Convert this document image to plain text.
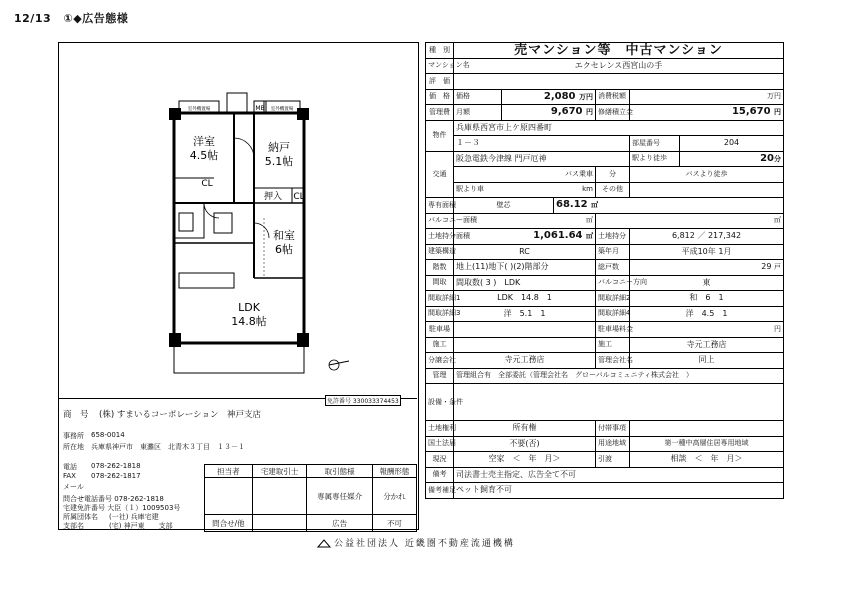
12/13 ①◆広告態様
洋室
4.5帖
納戸
5.1帖
和室
6帖
LDK
14.8帖
CL
押入 CL
MB
室外機置場	室外機置場
免許番号 330033374453
商　号 (株) すまいるコーポレーション　神戸支店
事務所 658-0014
所在地 兵庫県神戸市　東灘区　北青木３丁目　１３－１
電話 078-262-1818
FAX 078-262-1817
メール
問合せ電話番号 078-262-1818
宅建免許番号 大臣（１）1009503号
所属団体名 (一社) 兵庫宅建
支部名	(宅) 神戸東　　支部
担当者	宅建取引士	取引態様	報酬形態
		専属専任媒介	分かれ
問合せ/他		広告	不可
種　別	売マンション等　中古マンション					
マンション名	エクセレンス西宮山の手					
評　価						
価　格	価格	2,080 万円		消費税額	万円	
管理費	月額	9,670 円		修繕積立金	15,670 円	
物件	兵庫県西宮市上ケ原四番町					
	１－３				部屋番号	204
交通	阪急電鉄今津線 門戸厄神				駅より徒歩	20分
	バス乗車			分	バスより徒歩	
	駅より車 km			その他		
専有面積	壁芯		68.12 ㎡			
バルコニー面積	㎡			㎡		
土地持分面積	1,061.64 ㎡			土地持分	6,812 ／ 217,342	
建築構造	RC			築年月	平成10年 1月	
階数	地上(11)地下( )(2)階部分			総戸数	29 戸	
間取	間取数( 3 )　LDK			バルコニー方向	東	
間取詳細1	LDK　14.8　1			間取詳細2	和　6　1	
間取詳細3	洋　5.1　1			間取詳細4	洋　4.5　1	
駐車場				駐車場料金	円	
施工				施工	寺元工務店	
分譲会社	寺元工務店			管理会社名	同上	
管理	管理組合有　全部委託（管理会社名　グローバルコミュニティ株式会社　）					
設備・条件						
土地権利	所有権			付帯事項		
国土法届	不要(否)			用途地域	第一種中高層住居専用地域	
現況	空家　＜　年　月＞			引渡	相談　＜　年　月＞	
備考	司法書士売主指定、広告全て不可					
備考補足	ペット飼育不可					
公益社団法人 近畿圏不動産流通機構
